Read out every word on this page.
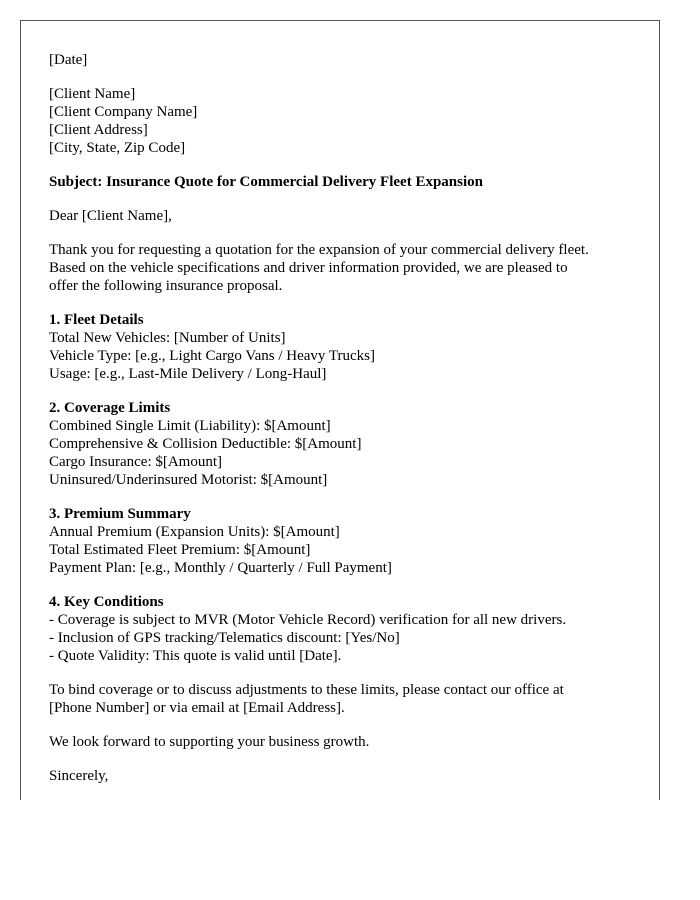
[Date]
[Client Name]
[Client Company Name]
[Client Address]
[City, State, Zip Code]
Subject: Insurance Quote for Commercial Delivery Fleet Expansion
Dear [Client Name],
Thank you for requesting a quotation for the expansion of your commercial delivery fleet.
Based on the vehicle specifications and driver information provided, we are pleased to
offer the following insurance proposal.
1. Fleet Details
Total New Vehicles: [Number of Units]
Vehicle Type: [e.g., Light Cargo Vans / Heavy Trucks]
Usage: [e.g., Last-Mile Delivery / Long-Haul]
2. Coverage Limits
Combined Single Limit (Liability): $[Amount]
Comprehensive & Collision Deductible: $[Amount]
Cargo Insurance: $[Amount]
Uninsured/Underinsured Motorist: $[Amount]
3. Premium Summary
Annual Premium (Expansion Units): $[Amount]
Total Estimated Fleet Premium: $[Amount]
Payment Plan: [e.g., Monthly / Quarterly / Full Payment]
4. Key Conditions
- Coverage is subject to MVR (Motor Vehicle Record) verification for all new drivers.
- Inclusion of GPS tracking/Telematics discount: [Yes/No]
- Quote Validity: This quote is valid until [Date].
To bind coverage or to discuss adjustments to these limits, please contact our office at
[Phone Number] or via email at [Email Address].
We look forward to supporting your business growth.
Sincerely,
